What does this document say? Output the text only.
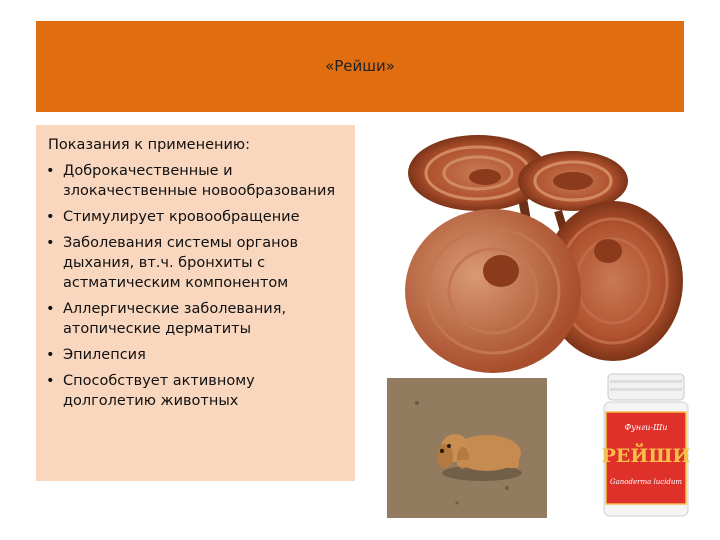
«Рейши»
Показания к применению:
• Доброкачественные и злокачественные новообразования
• Стимулирует кровообращение
• Заболевания системы органов дыхания, вт.ч. бронхиты с астматическим компонентом
• Аллергические заболевания, атопические дерматиты
• Эпилепсия
• Способствует активному долголетию животных
Фунги-Ши
РЕЙШИ
Ganoderma lucidum
